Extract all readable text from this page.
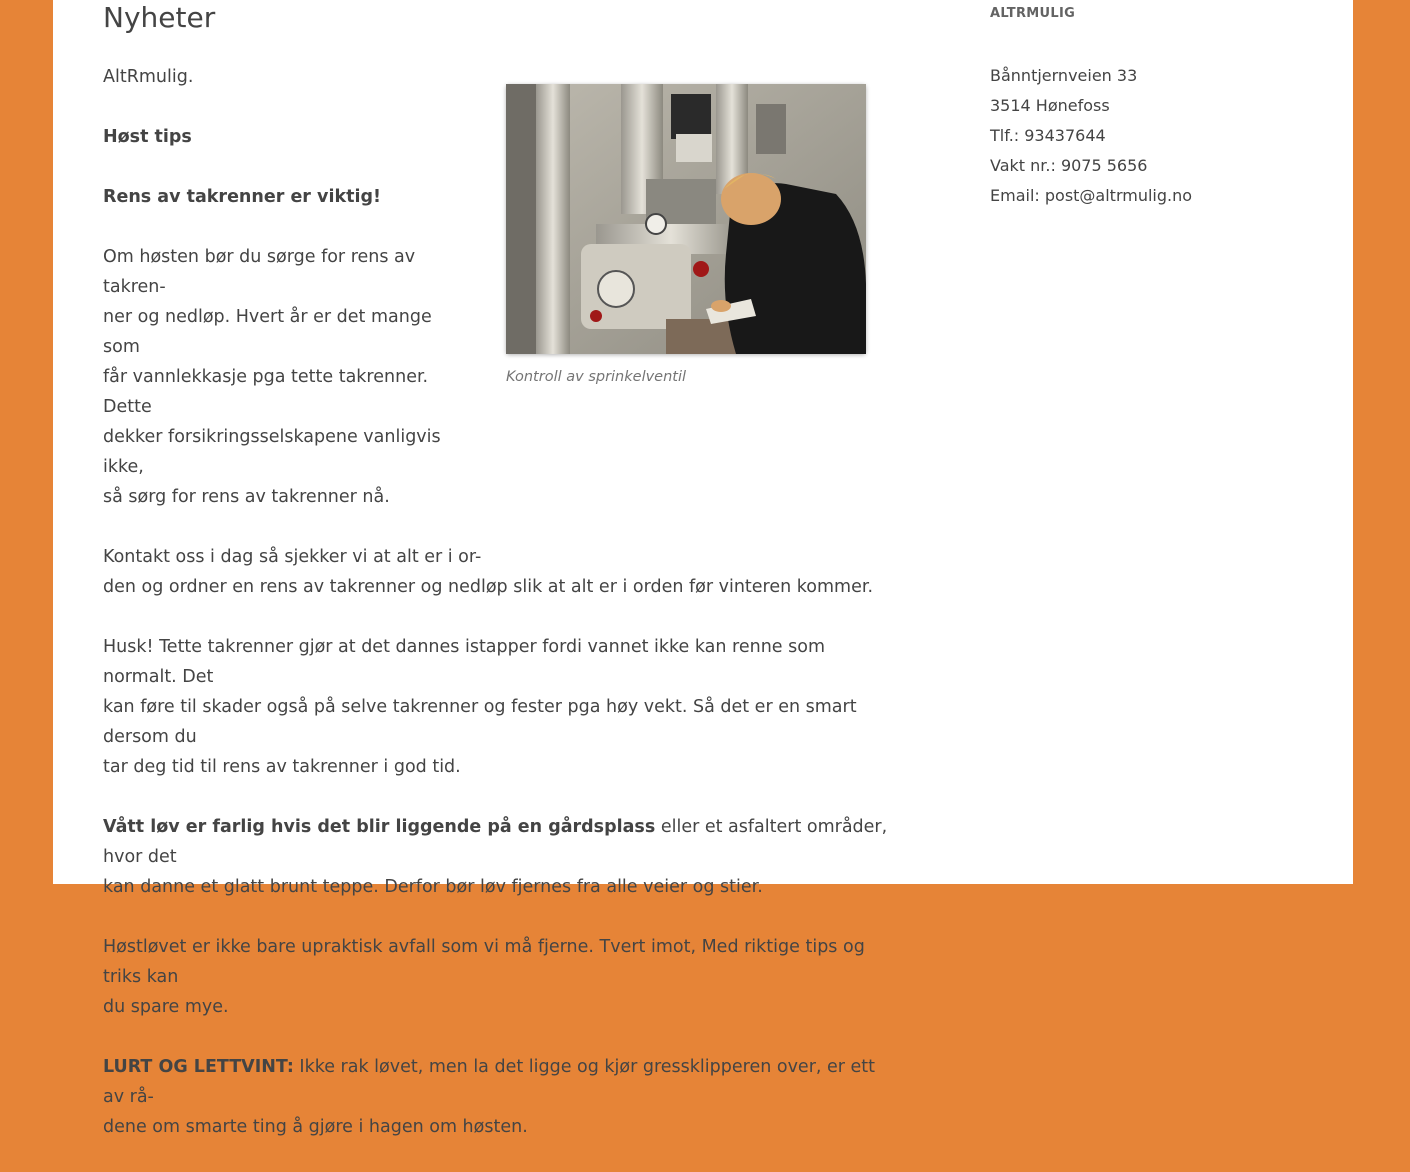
Nyheter

AltRmulig.

Høst tips

Rens av takrenner er viktig!

Om høsten bør du sørge for rens av takren-
ner og nedløp. Hvert år er det mange som
får vannlekkasje pga tette takrenner. Dette
dekker forsikringsselskapene vanligvis ikke,
så sørg for rens av takrenner nå.

Kontakt oss i dag så sjekker vi at alt er i or-
den og ordner en rens av takrenner og nedløp slik at alt er i orden før vinteren kommer.

Husk! Tette takrenner gjør at det dannes istapper fordi vannet ikke kan renne som normalt. Det
kan føre til skader også på selve takrenner og fester pga høy vekt. Så det er en smart dersom du
tar deg tid til rens av takrenner i god tid.

Vått løv er farlig hvis det blir liggende på en gårdsplass eller et asfaltert områder, hvor det
kan danne et glatt brunt teppe. Derfor bør løv fjernes fra alle veier og stier.

Høstløvet er ikke bare upraktisk avfall som vi må fjerne. Tvert imot, Med riktige tips og triks kan
du spare mye.

LURT OG LETTVINT: Ikke rak løvet, men la det ligge og kjør gressklipperen over, er ett av rå-
dene om smarte ting å gjøre i hagen om høsten.

Kontroll av sprinkelventil
ALTRMULIG
Bånntjernveien 33
3514 Hønefoss
Tlf.: 93437644
Vakt nr.: 9075 5656
Email: post@altrmulig.no
